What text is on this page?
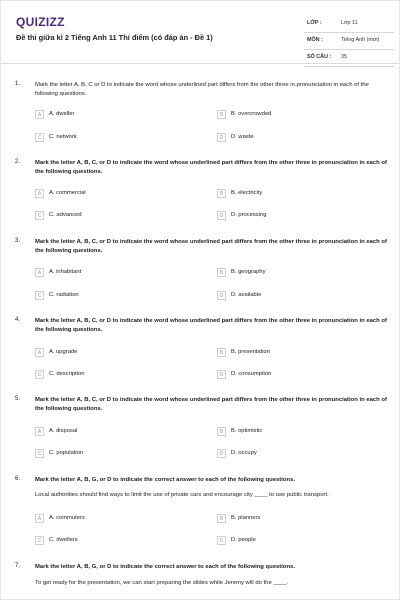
QUIZIZZ
Đề thi giữa kì 2 Tiếng Anh 11 Thí điểm (có đáp án - Đề 1)
LỚP :	Lớp 11
MÔN :	Tiếng Anh (mới)
SỐ CÂU : 35
1.	Mark the letter A, B, C or D to indicate the word whose underlined part differs from the other three in pronunciation in each of the following questions.
A	A. dweller	B	B. overcrowded
C	C. network	D	D. waste
2.	Mark the letter A, B, C, or D to indicate the word whose underlined part differs from the other three in pronunciation in each of the following questions.
A	A. commercial	B	B. electricity
C	C. advanced	D	D. processing
3.	Mark the letter A, B, C, or D to indicate the word whose underlined part differs from the other three in pronunciation in each of the following questions.
A	A. inhabitant	B	B. geography
C	C. radiation	D	D. available
4.	Mark the letter A, B, C, or D to indicate the word whose underlined part differs from the other three in pronunciation in each of the following questions.
A	A. upgrade	B	B. presentation
C	C. description	D	D. consumption
5.	Mark the letter A, B, C, or D to indicate the word whose underlined part differs from the other three in pronunciation in each of the following questions.
A	A. disposal	B	B. optimistic
C	C. population	D	D. occupy
6.	Mark the letter A, B, G, or D to indicate the correct answer to each of the following questions.
Local authorities should find ways to limit the use of private cars and encourage city ____ to use public transport.
A	A. commuters	B	B. planners
C	C. dwellers	D	D. people
7.	Mark the letter A, B, G, or D to indicate the correct answer to each of the following questions.
To get ready for the presentation, we can start preparing the slides while Jeremy will do the ____.
